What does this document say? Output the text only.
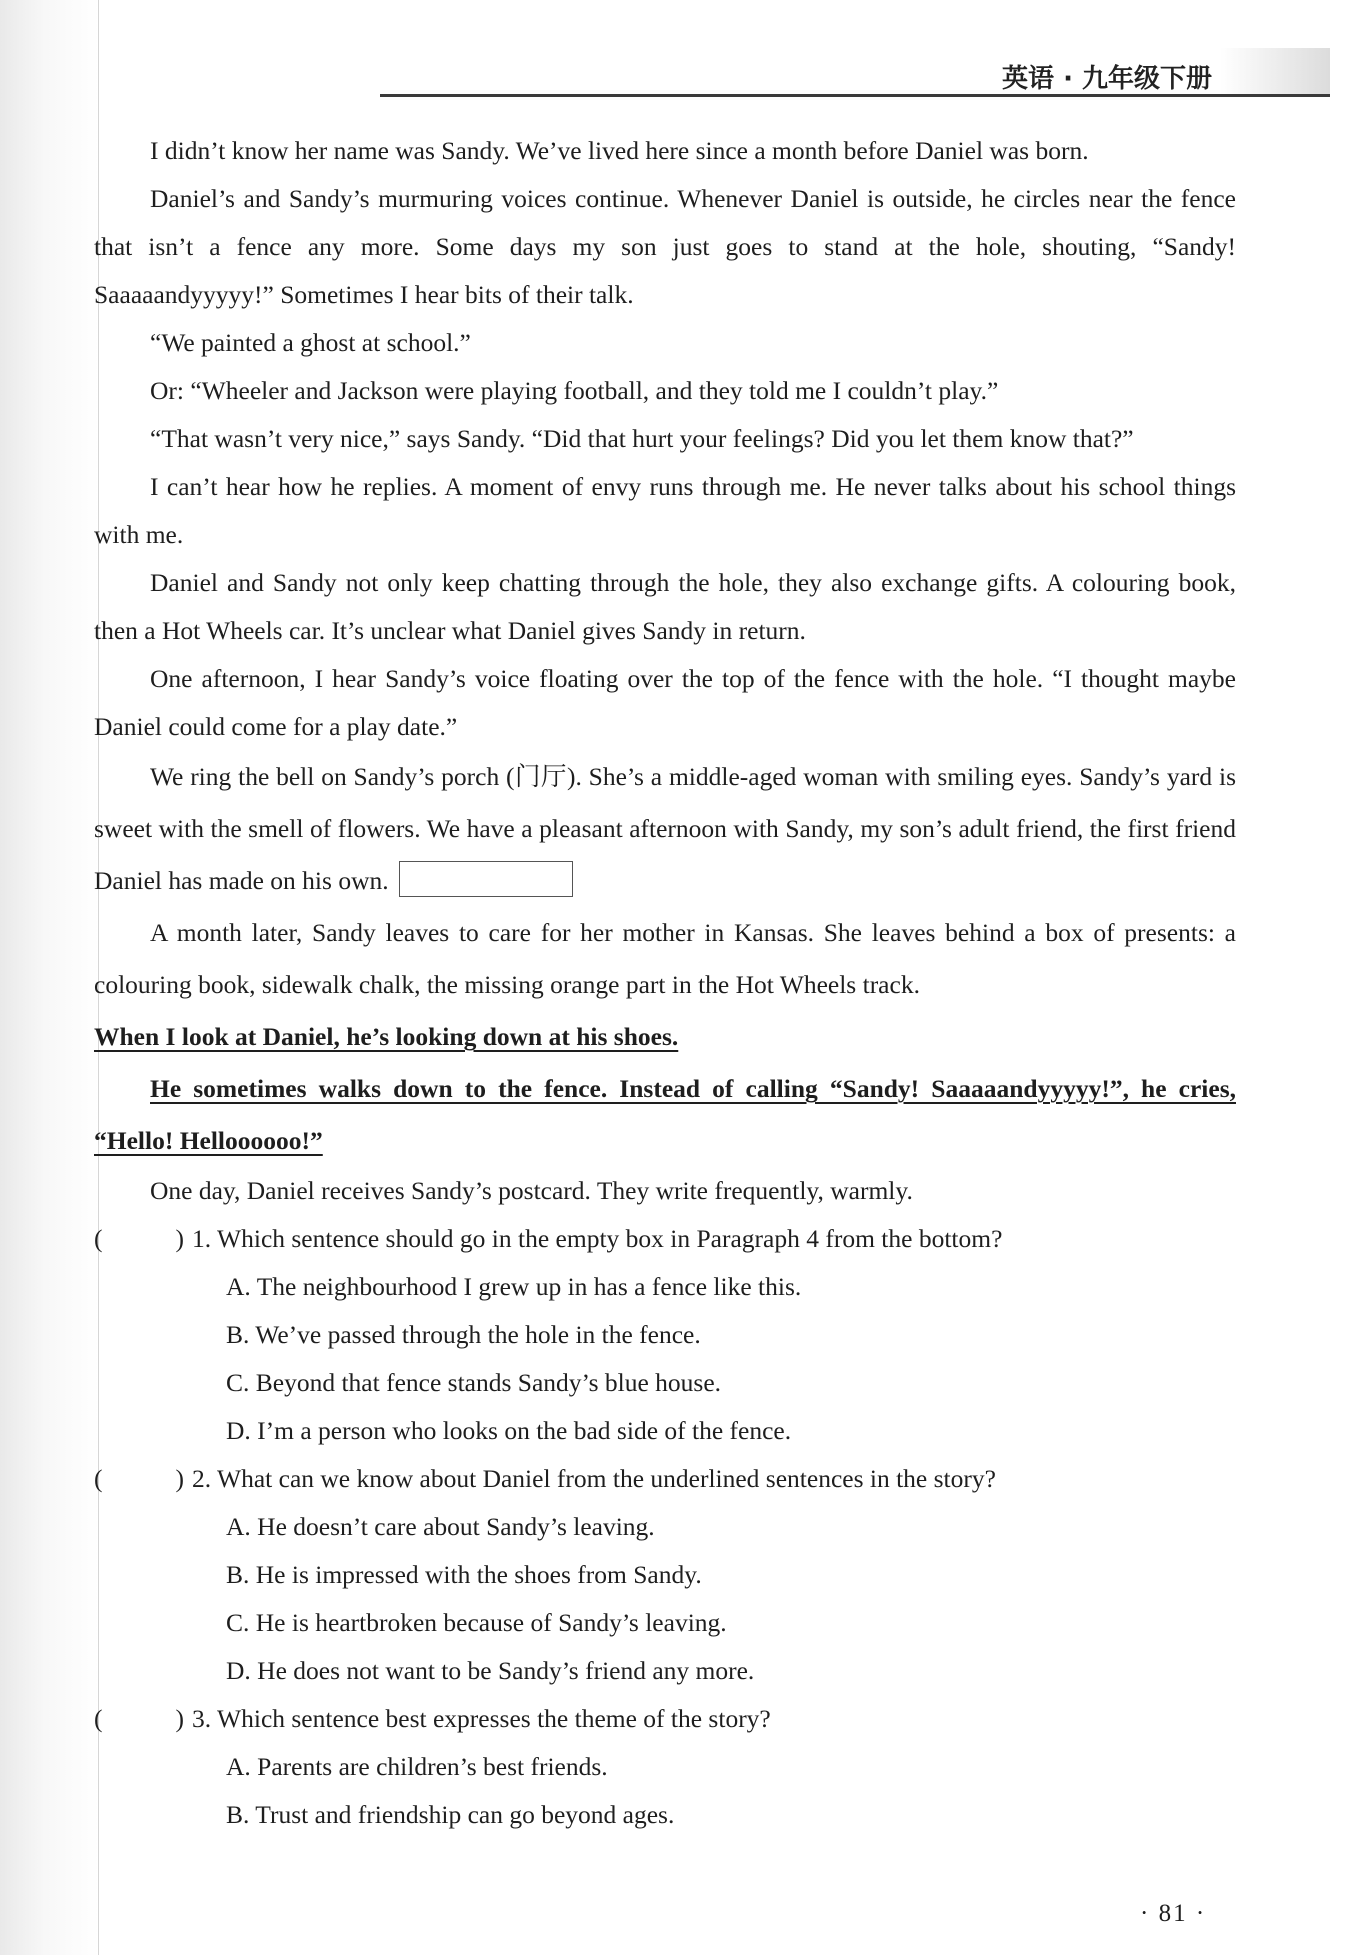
英语 · 九年级下册

I didn’t know her name was Sandy. We’ve lived here since a month before Daniel was born.

Daniel’s and Sandy’s murmuring voices continue. Whenever Daniel is outside, he circles near the fence that isn’t a fence any more. Some days my son just goes to stand at the hole, shouting, “Sandy! Saaaaandyyyyy!” Sometimes I hear bits of their talk.

“We painted a ghost at school.”

Or: “Wheeler and Jackson were playing football, and they told me I couldn’t play.”

“That wasn’t very nice,” says Sandy. “Did that hurt your feelings? Did you let them know that?”

I can’t hear how he replies. A moment of envy runs through me. He never talks about his school things with me.

Daniel and Sandy not only keep chatting through the hole, they also exchange gifts. A colouring book, then a Hot Wheels car. It’s unclear what Daniel gives Sandy in return.

One afternoon, I hear Sandy’s voice floating over the top of the fence with the hole. “I thought maybe Daniel could come for a play date.”

We ring the bell on Sandy’s porch (门厅). She’s a middle-aged woman with smiling eyes. Sandy’s yard is sweet with the smell of flowers. We have a pleasant afternoon with Sandy, my son’s adult friend, the first friend Daniel has made on his own.

A month later, Sandy leaves to care for her mother in Kansas. She leaves behind a box of presents: a colouring book, sidewalk chalk, the missing orange part in the Hot Wheels track.

When I look at Daniel, he’s looking down at his shoes.

He sometimes walks down to the fence. Instead of calling “Sandy! Saaaaandyyyyy!”, he cries, “Hello! Helloooooo!”

One day, Daniel receives Sandy’s postcard. They write frequently, warmly.

(	) 1. Which sentence should go in the empty box in Paragraph 4 from the bottom?

A. The neighbourhood I grew up in has a fence like this.

B. We’ve passed through the hole in the fence.

C. Beyond that fence stands Sandy’s blue house.

D. I’m a person who looks on the bad side of the fence.

(	) 2. What can we know about Daniel from the underlined sentences in the story?

A. He doesn’t care about Sandy’s leaving.

B. He is impressed with the shoes from Sandy.

C. He is heartbroken because of Sandy’s leaving.

D. He does not want to be Sandy’s friend any more.

(	) 3. Which sentence best expresses the theme of the story?

A. Parents are children’s best friends.

B. Trust and friendship can go beyond ages.

· 81 ·
